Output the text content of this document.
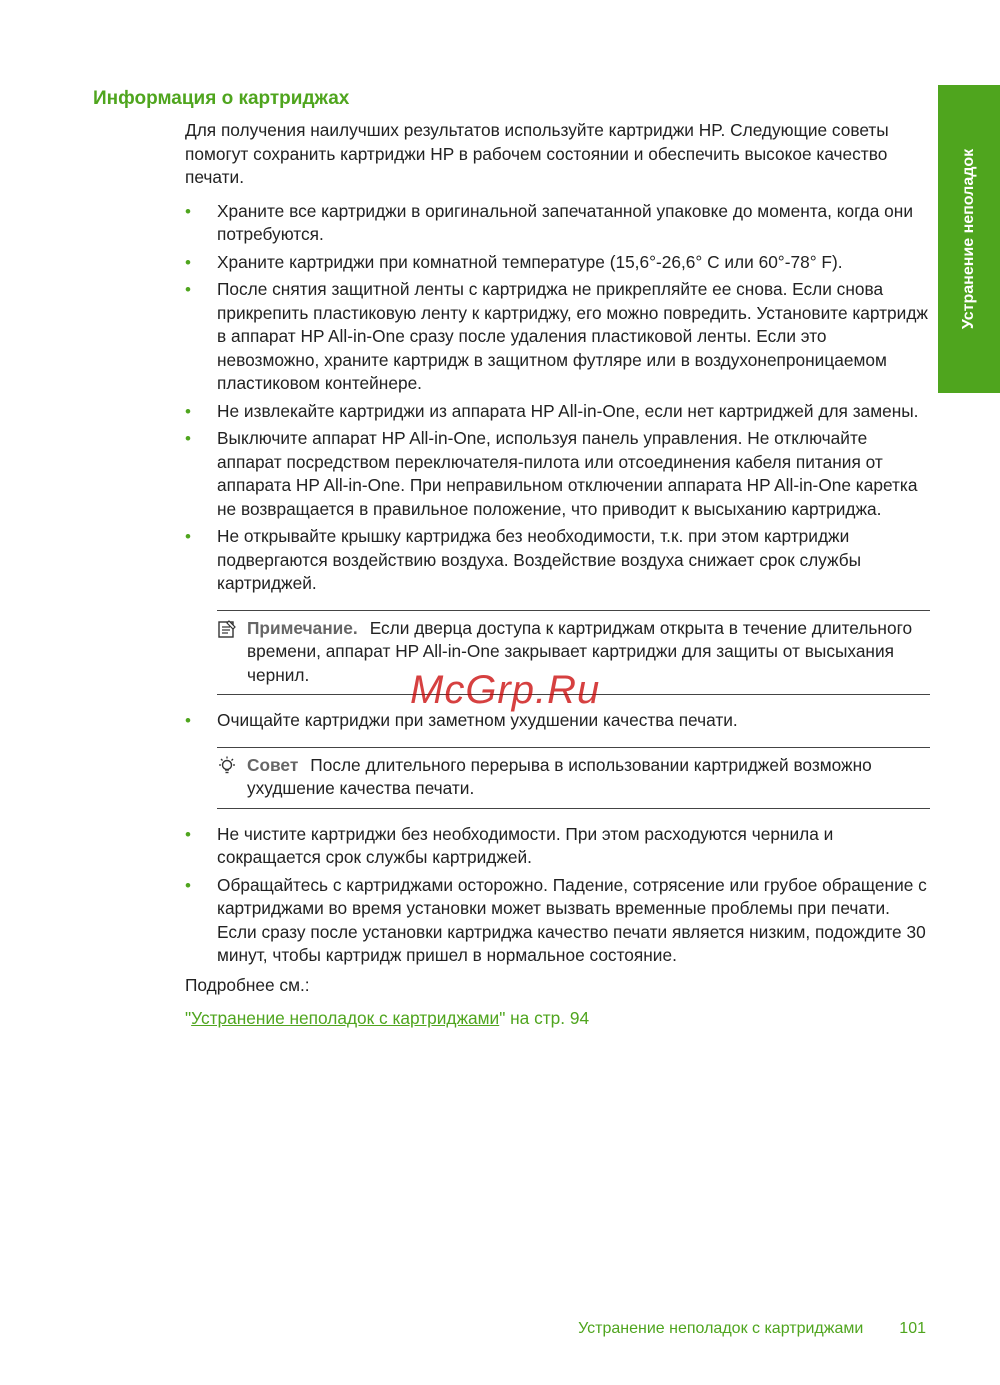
Устранение неполадок
Информация о картриджах

Для получения наилучших результатов используйте картриджи HP. Следующие советы помогут сохранить картриджи HP в рабочем состоянии и обеспечить высокое качество печати.

• Храните все картриджи в оригинальной запечатанной упаковке до момента, когда они потребуются.
• Храните картриджи при комнатной температуре (15,6°-26,6° C или 60°-78° F).
• После снятия защитной ленты с картриджа не прикрепляйте ее снова. Если снова прикрепить пластиковую ленту к картриджу, его можно повредить. Установите картридж в аппарат HP All-in-One сразу после удаления пластиковой ленты. Если это невозможно, храните картридж в защитном футляре или в воздухонепроницаемом пластиковом контейнере.
• Не извлекайте картриджи из аппарата HP All-in-One, если нет картриджей для замены.
• Выключите аппарат HP All-in-One, используя панель управления. Не отключайте аппарат посредством переключателя-пилота или отсоединения кабеля питания от аппарата HP All-in-One. При неправильном отключении аппарата HP All-in-One каретка не возвращается в правильное положение, что приводит к высыханию картриджа.
• Не открывайте крышку картриджа без необходимости, т.к. при этом картриджи подвергаются воздействию воздуха. Воздействие воздуха снижает срок службы картриджей.
Примечание. Если дверца доступа к картриджам открыта в течение длительного времени, аппарат HP All-in-One закрывает картриджи для защиты от высыхания чернил.
• Очищайте картриджи при заметном ухудшении качества печати.
Совет После длительного перерыва в использовании картриджей возможно ухудшение качества печати.
• Не чистите картриджи без необходимости. При этом расходуются чернила и сокращается срок службы картриджей.
• Обращайтесь с картриджами осторожно. Падение, сотрясение или грубое обращение с картриджами во время установки может вызвать временные проблемы при печати. Если сразу после установки картриджа качество печати является низким, подождите 30 минут, чтобы картридж пришел в нормальное состояние.

Подробнее см.:

"Устранение неполадок с картриджами" на стр. 94

McGrp.Ru
Устранение неполадок с картриджами 101
